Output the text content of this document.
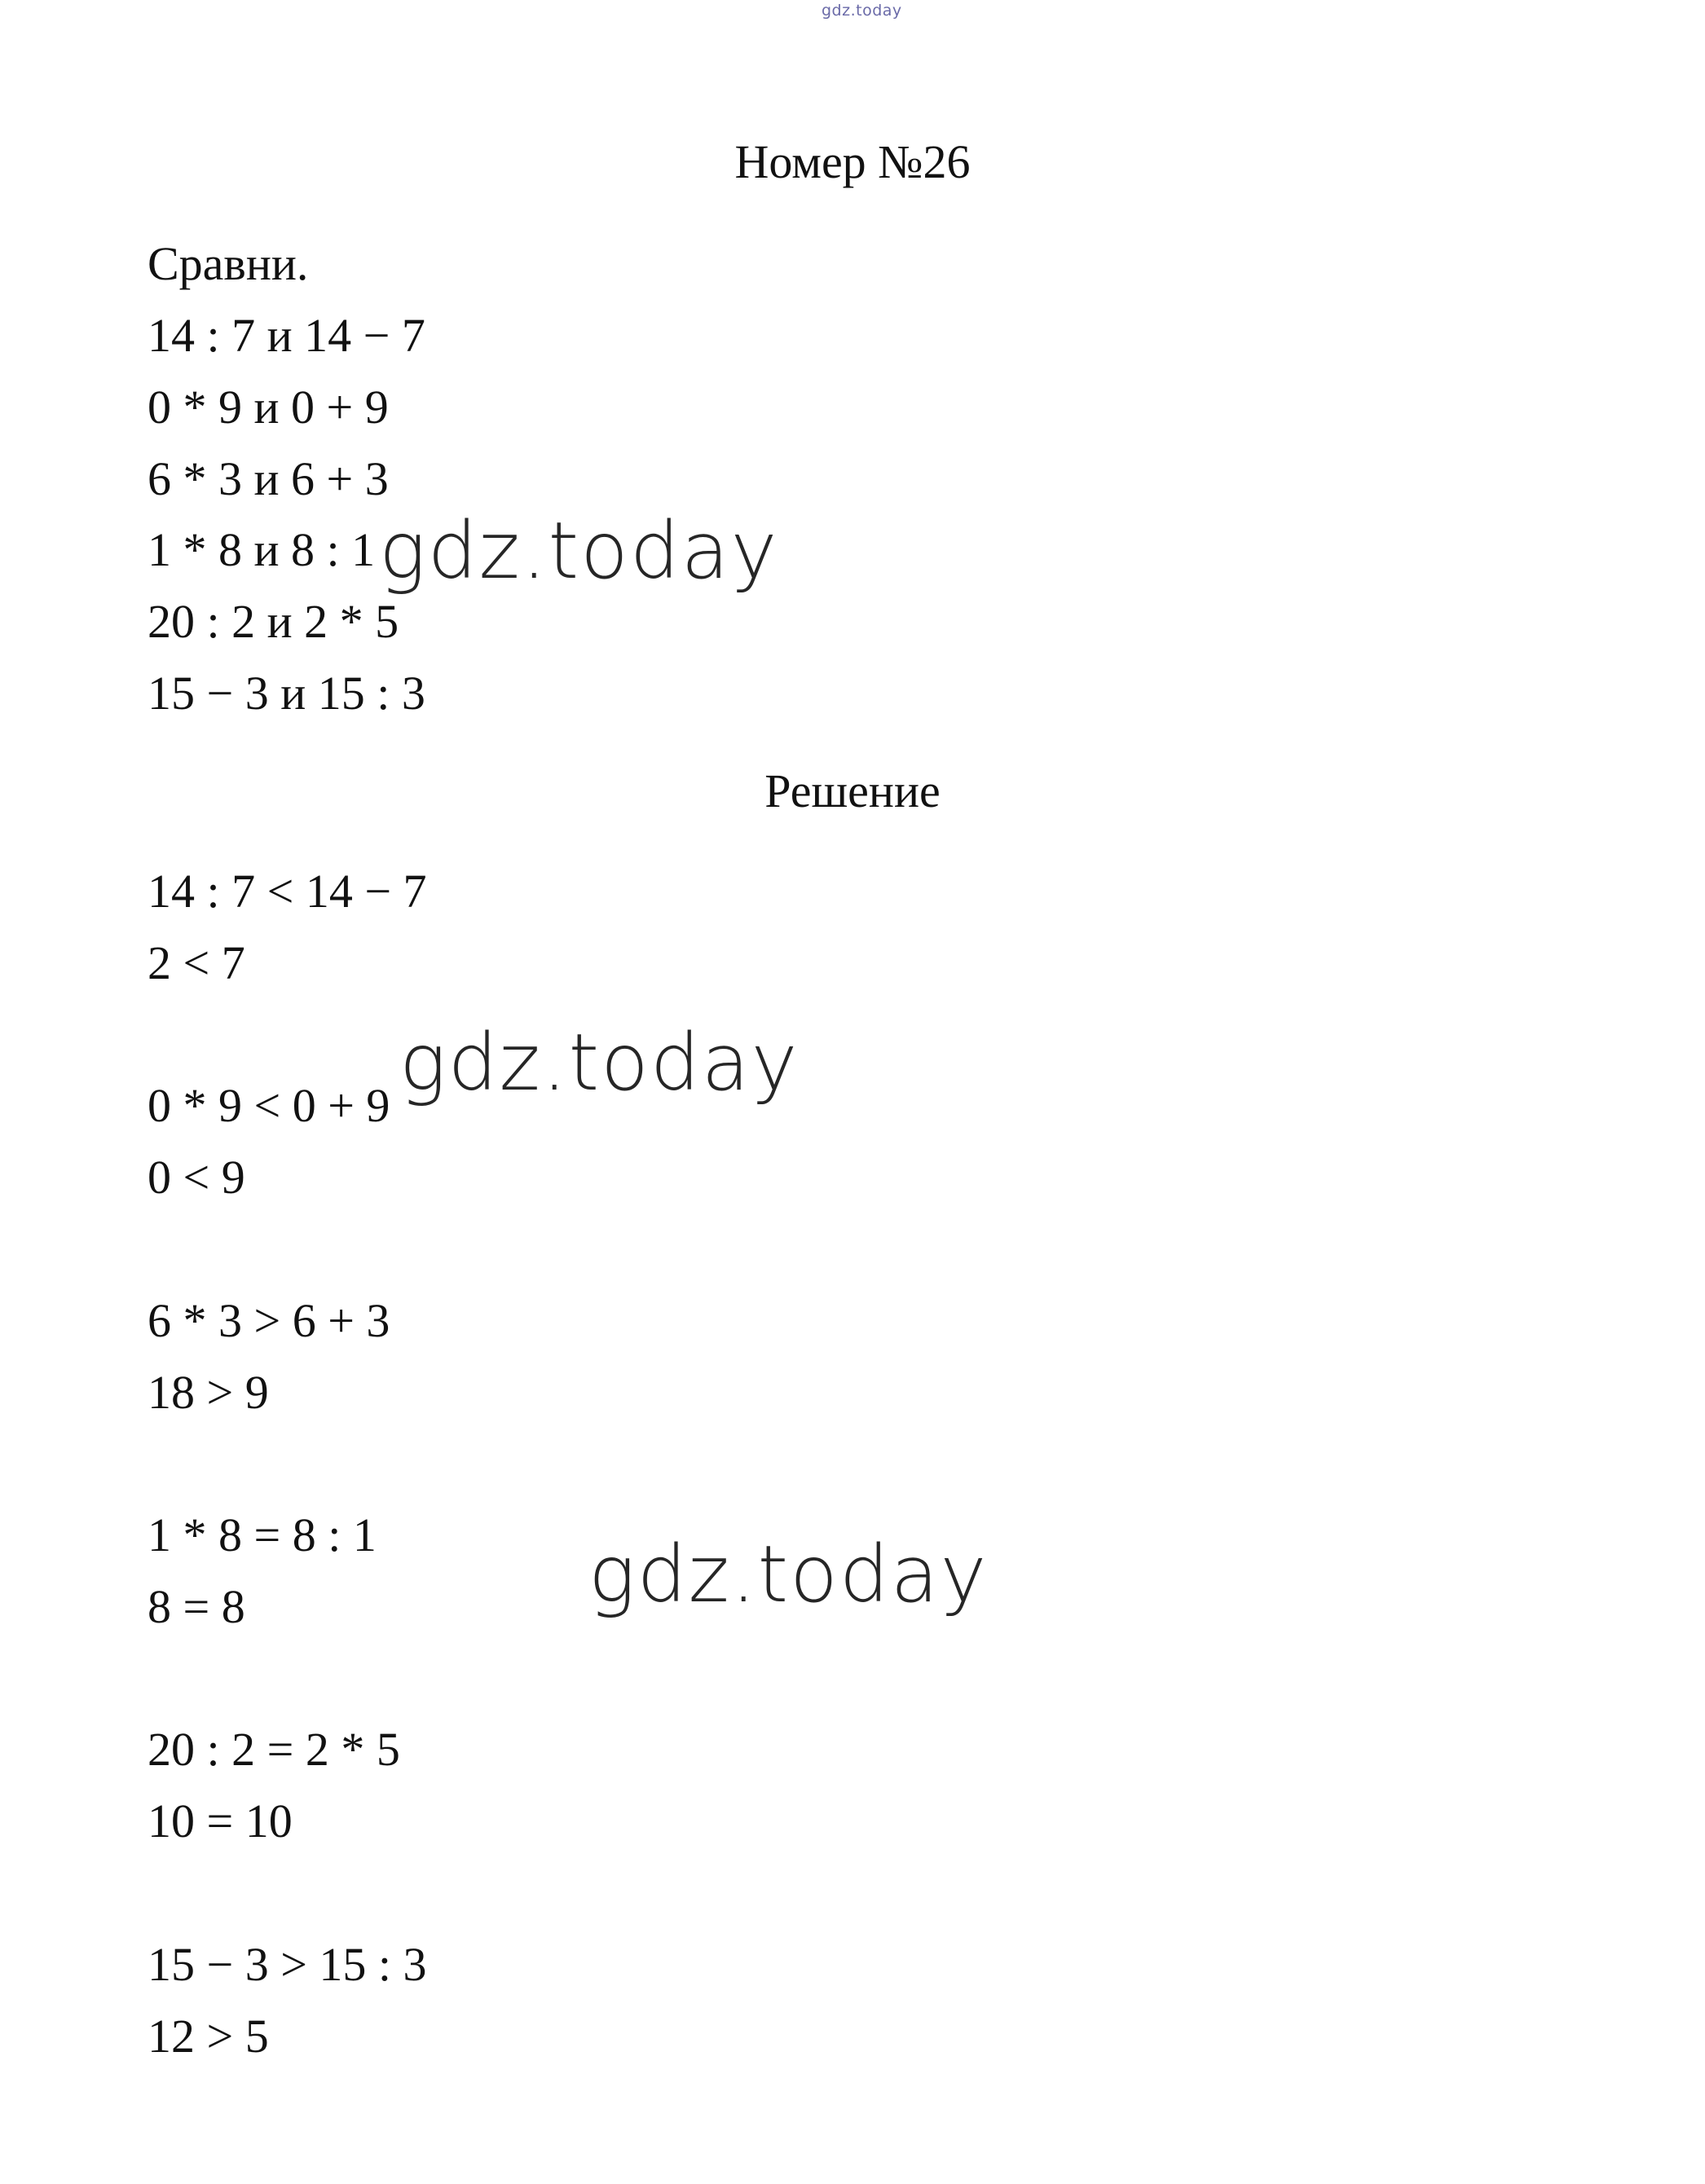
gdz.today
Номер №26
Сравни.
14 : 7 и 14 − 7
0 * 9 и 0 + 9
6 * 3 и 6 + 3
1 * 8 и 8 : 1
20 : 2 и 2 * 5
15 − 3 и 15 : 3
Решение
14 : 7 < 14 − 7
2 < 7
0 * 9 < 0 + 9
0 < 9
6 * 3 > 6 + 3
18 > 9
1 * 8 = 8 : 1
8 = 8
20 : 2 = 2 * 5
10 = 10
15 − 3 > 15 : 3
12 > 5
gdz.today
gdz.today
gdz.today
